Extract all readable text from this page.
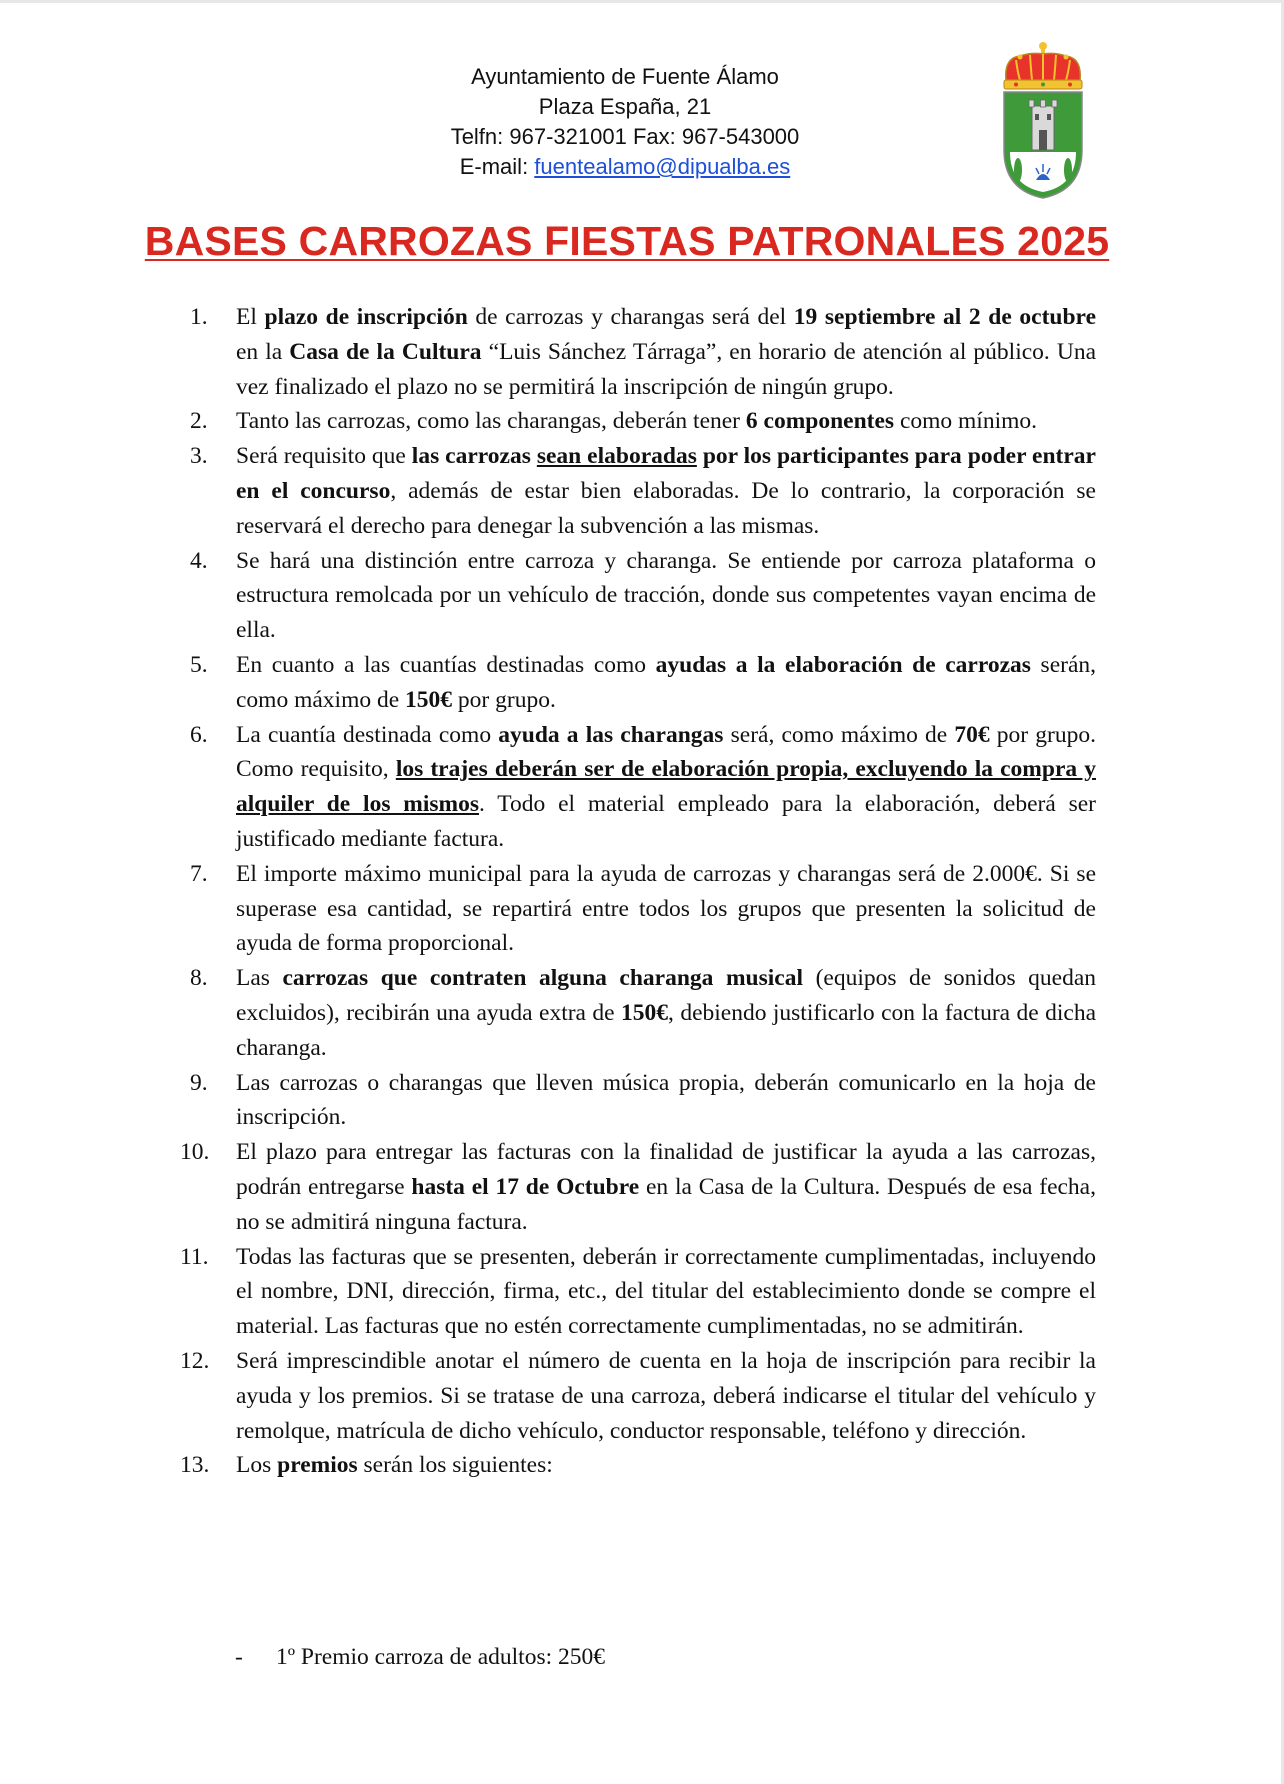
Ayuntamiento de Fuente Álamo
Plaza España, 21
Telfn: 967-321001 Fax: 967-543000
E-mail: fuentealamo@dipualba.es
BASES CARROZAS FIESTAS PATRONALES 2025
1. El plazo de inscripción de carrozas y charangas será del 19 septiembre al 2 de octubre en la Casa de la Cultura “Luis Sánchez Tárraga”, en horario de atención al público. Una vez finalizado el plazo no se permitirá la inscripción de ningún grupo.
2. Tanto las carrozas, como las charangas, deberán tener 6 componentes como mínimo.
3. Será requisito que las carrozas sean elaboradas por los participantes para poder entrar en el concurso, además de estar bien elaboradas. De lo contrario, la corporación se reservará el derecho para denegar la subvención a las mismas.
4. Se hará una distinción entre carroza y charanga. Se entiende por carroza plataforma o estructura remolcada por un vehículo de tracción, donde sus competentes vayan encima de ella.
5. En cuanto a las cuantías destinadas como ayudas a la elaboración de carrozas serán, como máximo de 150€ por grupo.
6. La cuantía destinada como ayuda a las charangas será, como máximo de 70€ por grupo. Como requisito, los trajes deberán ser de elaboración propia, excluyendo la compra y alquiler de los mismos. Todo el material empleado para la elaboración, deberá ser justificado mediante factura.
7. El importe máximo municipal para la ayuda de carrozas y charangas será de 2.000€. Si se superase esa cantidad, se repartirá entre todos los grupos que presenten la solicitud de ayuda de forma proporcional.
8. Las carrozas que contraten alguna charanga musical (equipos de sonidos quedan excluidos), recibirán una ayuda extra de 150€, debiendo justificarlo con la factura de dicha charanga.
9. Las carrozas o charangas que lleven música propia, deberán comunicarlo en la hoja de inscripción.
10. El plazo para entregar las facturas con la finalidad de justificar la ayuda a las carrozas, podrán entregarse hasta el 17 de Octubre en la Casa de la Cultura. Después de esa fecha, no se admitirá ninguna factura.
11. Todas las facturas que se presenten, deberán ir correctamente cumplimentadas, incluyendo el nombre, DNI, dirección, firma, etc., del titular del establecimiento donde se compre el material. Las facturas que no estén correctamente cumplimentadas, no se admitirán.
12. Será imprescindible anotar el número de cuenta en la hoja de inscripción para recibir la ayuda y los premios. Si se tratase de una carroza, deberá indicarse el titular del vehículo y remolque, matrícula de dicho vehículo, conductor responsable, teléfono y dirección.
13. Los premios serán los siguientes:
- 1º Premio carroza de adultos: 250€
